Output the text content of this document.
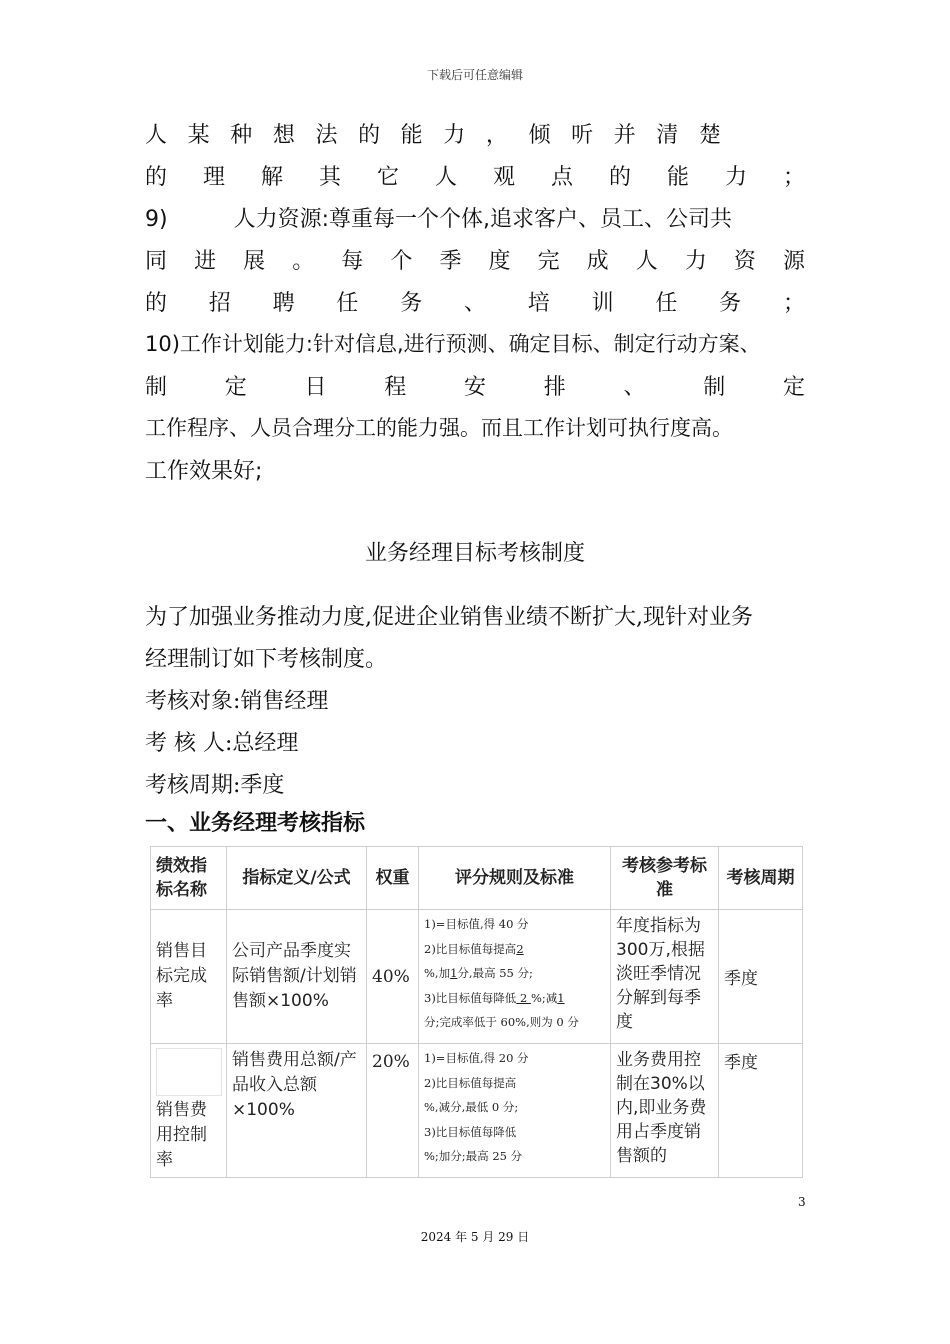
下载后可任意编辑
人某种想法的能力，倾听并清楚
的理解其它人观点的能力；
9)　　　人力资源:尊重每一个个体,追求客户、员工、公司共
同进展。每个季度完成人力资源
的招聘任务、培训任务；
10)工作计划能力:针对信息,进行预测、确定目标、制定行动方案、
制定日程安排、制定
工作程序、人员合理分工的能力强。而且工作计划可执行度高。
工作效果好;
业务经理目标考核制度
为了加强业务推动力度,促进企业销售业绩不断扩大,现针对业务
经理制订如下考核制度。
考核对象:销售经理
考 核 人:总经理
考核周期:季度
一、业务经理考核指标
绩效指标名称	指标定义/公式	权重	评分规则及标准	考核参考标准	考核周期
销售目标完成率	公司产品季度实际销售额/计划销售额×100%	40%	1)=目标值,得 40 分
2)比目标值每提高2
%,加1分,最高 55 分;
3)比目标值每降低 2 %;减1
分;完成率低于 60%,则为 0 分	年度指标为300万,根据淡旺季情况分解到每季度	季度

销售费用控制率	销售费用总额/产品收入总额×100%	20%	1)=目标值,得 20 分
2)比目标值每提高
%,减分,最低 0 分;
3)比目标值每降低
%;加分;最高 25 分	业务费用控制在30%以内,即业务费用占季度销售额的	季度
3
2024 年 5 月 29 日
